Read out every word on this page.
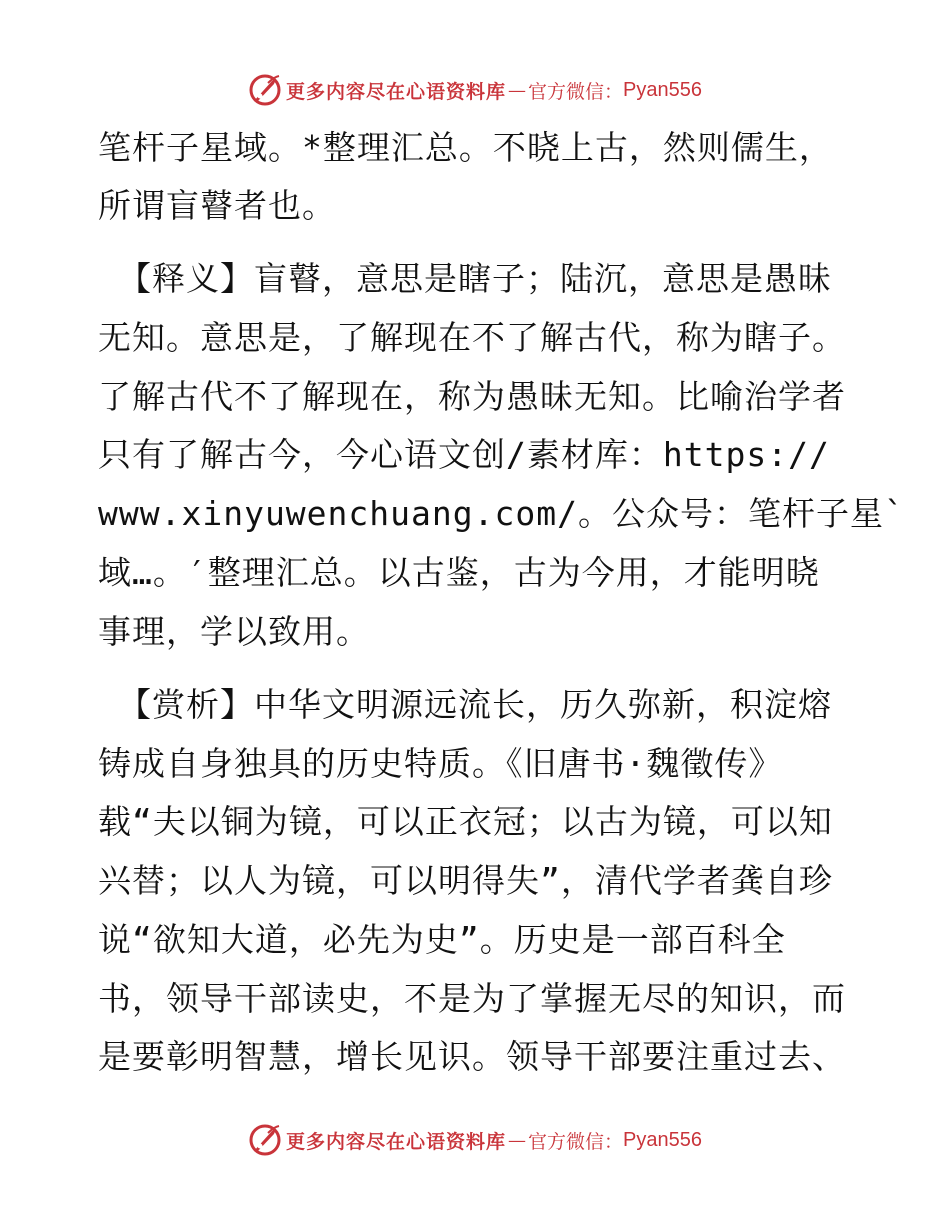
更多内容尽在心语资料库 — 官方微信： Pyan556
笔杆子星域。*整理汇总。不晓上古，然则儒生，
所谓盲瞽者也。
【释义】盲瞽，意思是瞎子；陆沉，意思是愚昧
无知。意思是，了解现在不了解古代，称为瞎子。
了解古代不了解现在，称为愚昧无知。比喻治学者
只有了解古今，今心语文创/素材库：https://
www.xinyuwenchuang.com/。公众号：笔杆子星`
域…。′整理汇总。以古鉴，古为今用，才能明晓
事理，学以致用。
【赏析】中华文明源远流长，历久弥新，积淀熔
铸成自身独具的历史特质。《旧唐书·魏徵传》
载“夫以铜为镜，可以正衣冠；以古为镜，可以知
兴替；以人为镜，可以明得失”，清代学者龚自珍
说“欲知大道，必先为史”。历史是一部百科全
书，领导干部读史，不是为了掌握无尽的知识，而
是要彰明智慧，增长见识。领导干部要注重过去、
更多内容尽在心语资料库 — 官方微信： Pyan556
